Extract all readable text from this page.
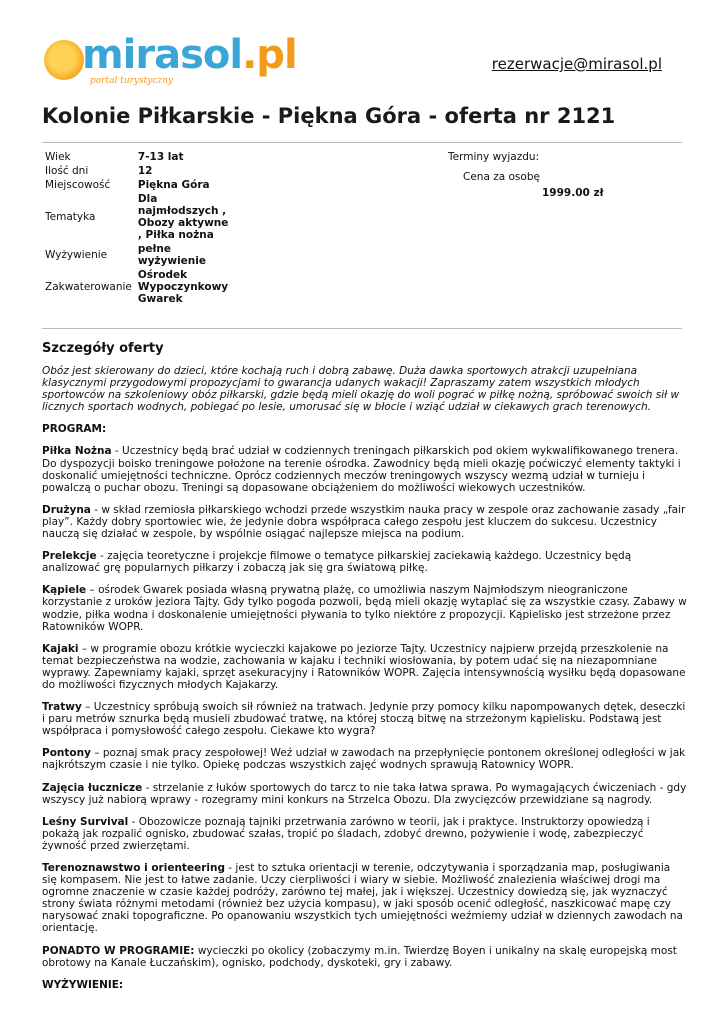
mirasol.pl
portal turystyczny
rezerwacje@mirasol.pl
Kolonie Piłkarskie - Piękna Góra - oferta nr 2121
Wiek	7-13 lat
Ilość dni	12
Miejscowość	Piękna Góra
Tematyka	Dla najmłodszych , Obozy aktywne , Piłka nożna
Wyżywienie	pełne wyżywienie
Zakwaterowanie	Ośrodek Wypoczynkowy Gwarek
Terminy wyjazdu:
Cena za osobę
1999.00 zł
Szczegóły oferty

Obóz jest skierowany do dzieci, które kochają ruch i dobrą zabawę. Duża dawka sportowych atrakcji uzupełniana klasycznymi przygodowymi propozycjami to gwarancja udanych wakacji! Zapraszamy zatem wszystkich młodych sportowców na szkoleniowy obóz piłkarski, gdzie będą mieli okazję do woli pograć w piłkę nożną, spróbować swoich sił w licznych sportach wodnych, pobiegać po lesie, umorusać się w błocie i wziąć udział w ciekawych grach terenowych.

PROGRAM:

Piłka Nożna - Uczestnicy będą brać udział w codziennych treningach piłkarskich pod okiem wykwalifikowanego trenera. Do dyspozycji boisko treningowe położone na terenie ośrodka. Zawodnicy będą mieli okazję poćwiczyć elementy taktyki i doskonalić umiejętności techniczne. Oprócz codziennych meczów treningowych wszyscy wezmą udział w turnieju i powalczą o puchar obozu. Treningi są dopasowane obciążeniem do możliwości wiekowych uczestników.

Drużyna - w skład rzemiosła piłkarskiego wchodzi przede wszystkim nauka pracy w zespole oraz zachowanie zasady „fair play”. Każdy dobry sportowiec wie, że jedynie dobra współpraca całego zespołu jest kluczem do sukcesu. Uczestnicy nauczą się działać w zespole, by wspólnie osiągać najlepsze miejsca na podium.

Prelekcje - zajęcia teoretyczne i projekcje filmowe o tematyce piłkarskiej zaciekawią każdego. Uczestnicy będą analizować grę popularnych piłkarzy i zobaczą jak się gra światową piłkę.

Kąpiele – ośrodek Gwarek posiada własną prywatną plażę, co umożliwia naszym Najmłodszym nieograniczone korzystanie z uroków jeziora Tajty. Gdy tylko pogoda pozwoli, będą mieli okazję wytaplać się za wszystkie czasy. Zabawy w wodzie, piłka wodna i doskonalenie umiejętności pływania to tylko niektóre z propozycji. Kąpielisko jest strzeżone przez Ratowników WOPR.

Kajaki – w programie obozu krótkie wycieczki kajakowe po jeziorze Tajty. Uczestnicy najpierw przejdą przeszkolenie na temat bezpieczeństwa na wodzie, zachowania w kajaku i techniki wiosłowania, by potem udać się na niezapomniane wyprawy. Zapewniamy kajaki, sprzęt asekuracyjny i Ratowników WOPR. Zajęcia intensywnością wysiłku będą dopasowane do możliwości fizycznych młodych Kajakarzy.

Tratwy – Uczestnicy spróbują swoich sił również na tratwach. Jedynie przy pomocy kilku napompowanych dętek, deseczki i paru metrów sznurka będą musieli zbudować tratwę, na której stoczą bitwę na strzeżonym kąpielisku. Podstawą jest współpraca i pomysłowość całego zespołu. Ciekawe kto wygra?

Pontony – poznaj smak pracy zespołowej! Weź udział w zawodach na przepłynięcie pontonem określonej odległości w jak najkrótszym czasie i nie tylko. Opiekę podczas wszystkich zajęć wodnych sprawują Ratownicy WOPR.

Zajęcia łucznicze - strzelanie z łuków sportowych do tarcz to nie taka łatwa sprawa. Po wymagających ćwiczeniach - gdy wszyscy już nabiorą wprawy - rozegramy mini konkurs na Strzelca Obozu. Dla zwycięzców przewidziane są nagrody.

Leśny Survival - Obozowicze poznają tajniki przetrwania zarówno w teorii, jak i praktyce. Instruktorzy opowiedzą i pokażą jak rozpalić ognisko, zbudować szałas, tropić po śladach, zdobyć drewno, pożywienie i wodę, zabezpieczyć żywność przed zwierzętami.

Terenoznawstwo i orienteering - jest to sztuka orientacji w terenie, odczytywania i sporządzania map, posługiwania się kompasem. Nie jest to łatwe zadanie. Uczy cierpliwości i wiary w siebie. Możliwość znalezienia właściwej drogi ma ogromne znaczenie w czasie każdej podróży, zarówno tej małej, jak i większej. Uczestnicy dowiedzą się, jak wyznaczyć strony świata różnymi metodami (również bez użycia kompasu), w jaki sposób ocenić odległość, naszkicować mapę czy narysować znaki topograficzne. Po opanowaniu wszystkich tych umiejętności weźmiemy udział w dziennych zawodach na orientację.

PONADTO W PROGRAMIE: wycieczki po okolicy (zobaczymy m.in. Twierdzę Boyen i unikalny na skalę europejską most obrotowy na Kanale Łuczańskim), ognisko, podchody, dyskoteki, gry i zabawy.

WYŻYWIENIE:
